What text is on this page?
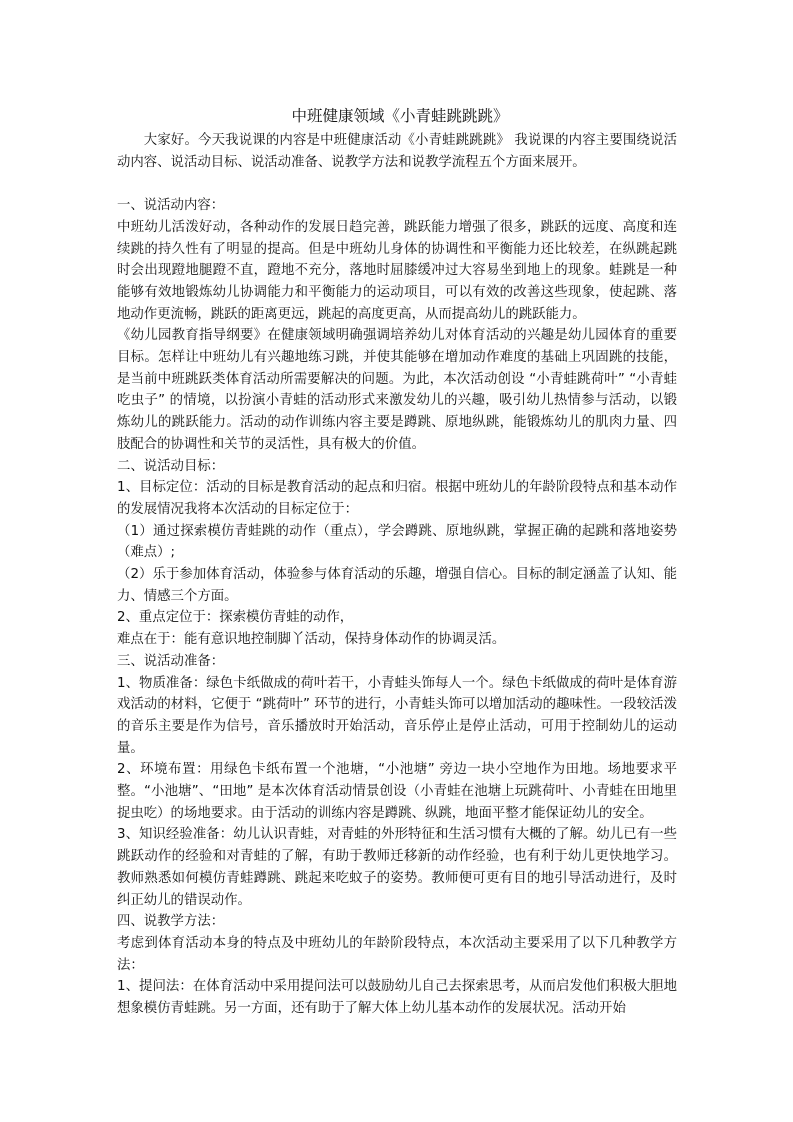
中班健康领域《小青蛙跳跳跳》

大家好。今天我说课的内容是中班健康活动《小青蛙跳跳跳》 我说课的内容主要围绕说活动内容、说活动目标、说活动准备、说教学方法和说教学流程五个方面来展开。

一、说活动内容：

中班幼儿活泼好动，各种动作的发展日趋完善，跳跃能力增强了很多，跳跃的远度、高度和连续跳的持久性有了明显的提高。但是中班幼儿身体的协调性和平衡能力还比较差，在纵跳起跳时会出现蹬地腿蹬不直，蹬地不充分，落地时屈膝缓冲过大容易坐到地上的现象。蛙跳是一种能够有效地锻炼幼儿协调能力和平衡能力的运动项目，可以有效的改善这些现象，使起跳、落地动作更流畅，跳跃的距离更远，跳起的高度更高，从而提高幼儿的跳跃能力。

《幼儿园教育指导纲要》在健康领域明确强调培养幼儿对体育活动的兴趣是幼儿园体育的重要目标。怎样让中班幼儿有兴趣地练习跳，并使其能够在增加动作难度的基础上巩固跳的技能，是当前中班跳跃类体育活动所需要解决的问题。为此，本次活动创设 “小青蛙跳荷叶” “小青蛙吃虫子” 的情境，以扮演小青蛙的活动形式来激发幼儿的兴趣，吸引幼儿热情参与活动，以锻炼幼儿的跳跃能力。活动的动作训练内容主要是蹲跳、原地纵跳，能锻炼幼儿的肌肉力量、四肢配合的协调性和关节的灵活性，具有极大的价值。

二、说活动目标：

1、目标定位：活动的目标是教育活动的起点和归宿。根据中班幼儿的年龄阶段特点和基本动作的发展情况我将本次活动的目标定位于：

（1）通过探索模仿青蛙跳的动作（重点），学会蹲跳、原地纵跳，掌握正确的起跳和落地姿势（难点）;

（2）乐于参加体育活动，体验参与体育活动的乐趣，增强自信心。目标的制定涵盖了认知、能力、情感三个方面。

2、重点定位于：探索模仿青蛙的动作，

难点在于：能有意识地控制脚丫活动，保持身体动作的协调灵活。

三、说活动准备：

1、物质准备：绿色卡纸做成的荷叶若干，小青蛙头饰每人一个。绿色卡纸做成的荷叶是体育游戏活动的材料，它便于 “跳荷叶” 环节的进行，小青蛙头饰可以增加活动的趣味性。一段较活泼的音乐主要是作为信号，音乐播放时开始活动，音乐停止是停止活动，可用于控制幼儿的运动量。

2、环境布置：用绿色卡纸布置一个池塘，“小池塘” 旁边一块小空地作为田地。场地要求平整。“小池塘”、“田地” 是本次体育活动情景创设（小青蛙在池塘上玩跳荷叶、小青蛙在田地里捉虫吃）的场地要求。由于活动的训练内容是蹲跳、纵跳，地面平整才能保证幼儿的安全。

3、知识经验准备：幼儿认识青蛙，对青蛙的外形特征和生活习惯有大概的了解。幼儿已有一些跳跃动作的经验和对青蛙的了解，有助于教师迁移新的动作经验，也有利于幼儿更快地学习。教师熟悉如何模仿青蛙蹲跳、跳起来吃蚊子的姿势。教师便可更有目的地引导活动进行，及时纠正幼儿的错误动作。

四、说教学方法：

考虑到体育活动本身的特点及中班幼儿的年龄阶段特点，本次活动主要采用了以下几种教学方法：

1、提问法：在体育活动中采用提问法可以鼓励幼儿自己去探索思考，从而启发他们积极大胆地想象模仿青蛙跳。另一方面，还有助于了解大体上幼儿基本动作的发展状况。活动开始
